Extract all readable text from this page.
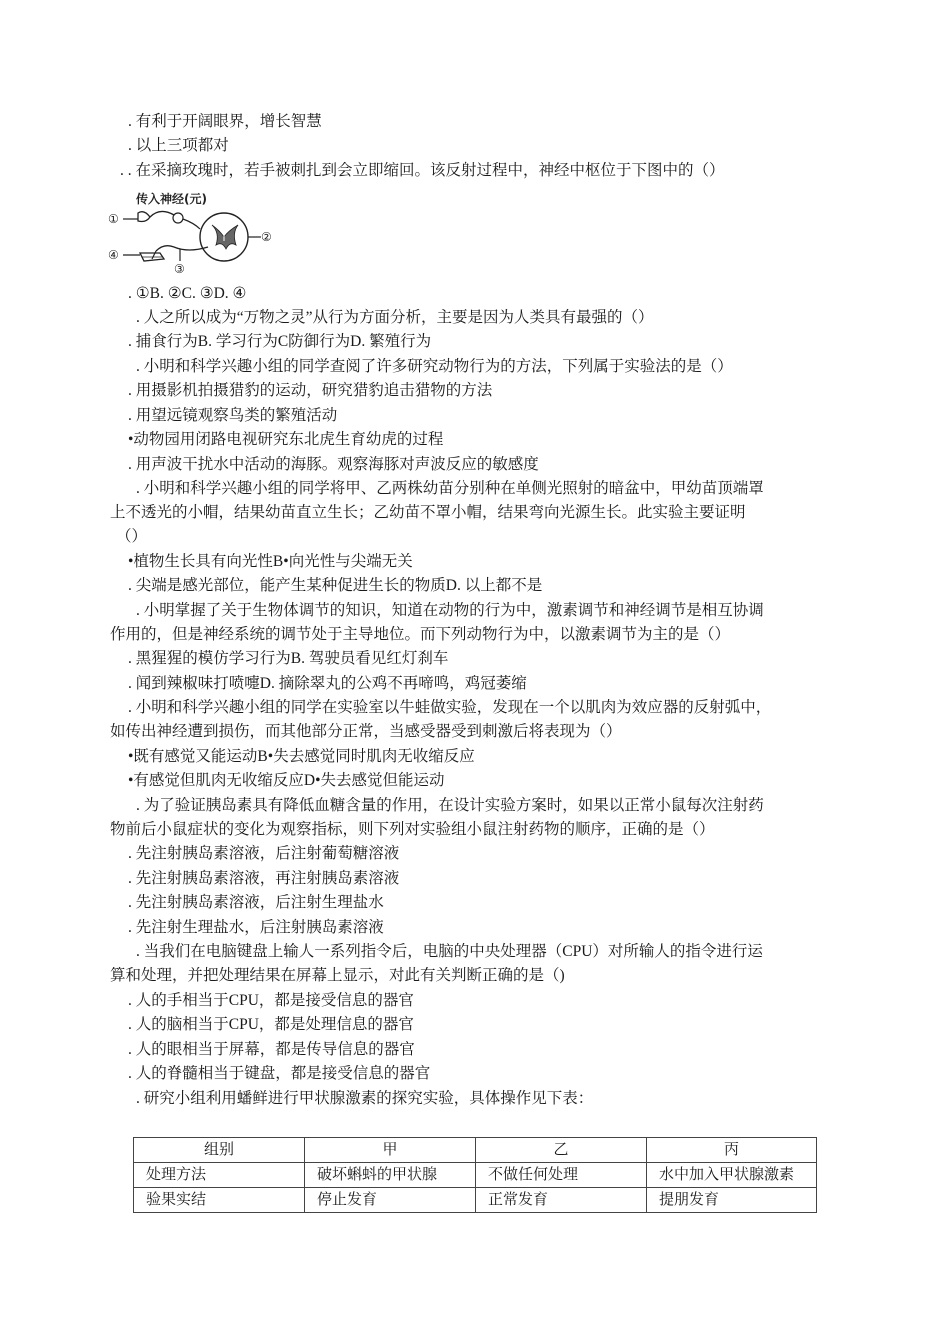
. 有利于开阔眼界，增长智慧
. 以上三项都对
. . 在采摘玫瑰时，若手被刺扎到会立即缩回。该反射过程中，神经中枢位于下图中的（）
传入神经(元)
①
②
④
③
. ①B. ②C. ③D. ④
. 人之所以成为“万物之灵”从行为方面分析，主要是因为人类具有最强的（）
. 捕食行为B. 学习行为C防御行为D. 繁殖行为
. 小明和科学兴趣小组的同学查阅了许多研究动物行为的方法，下列属于实验法的是（）
. 用摄影机拍摄猎豹的运动，研究猎豹追击猎物的方法
. 用望远镜观察鸟类的繁殖活动
•动物园用闭路电视研究东北虎生育幼虎的过程
. 用声波干扰水中活动的海豚。观察海豚对声波反应的敏感度
. 小明和科学兴趣小组的同学将甲、乙两株幼苗分别种在单侧光照射的暗盆中，甲幼苗顶端罩
上不透光的小帽，结果幼苗直立生长；乙幼苗不罩小帽，结果弯向光源生长。此实验主要证明
（）
•植物生长具有向光性B•向光性与尖端无关
. 尖端是感光部位，能产生某种促进生长的物质D. 以上都不是
. 小明掌握了关于生物体调节的知识，知道在动物的行为中，激素调节和神经调节是相互协调
作用的，但是神经系统的调节处于主导地位。而下列动物行为中，以激素调节为主的是（）
. 黑猩猩的模仿学习行为B. 驾驶员看见红灯刹车
. 闻到辣椒味打喷嚏D. 摘除翠丸的公鸡不再啼鸣，鸡冠萎缩
. 小明和科学兴趣小组的同学在实验室以牛蛙做实验，发现在一个以肌肉为效应器的反射弧中，
如传出神经遭到损伤，而其他部分正常，当感受器受到刺激后将表现为（）
•既有感觉又能运动B•失去感觉同时肌肉无收缩反应
•有感觉但肌肉无收缩反应D•失去感觉但能运动
. 为了验证胰岛素具有降低血糖含量的作用，在设计实验方案时，如果以正常小鼠每次注射药
物前后小鼠症状的变化为观察指标，则下列对实验组小鼠注射药物的顺序，正确的是（）
. 先注射胰岛素溶液，后注射葡萄糖溶液
. 先注射胰岛素溶液，再注射胰岛素溶液
. 先注射胰岛素溶液，后注射生理盐水
. 先注射生理盐水，后注射胰岛素溶液
. 当我们在电脑键盘上输人一系列指令后，电脑的中央处理器（CPU）对所输人的指令进行运
算和处理，并把处理结果在屏幕上显示，对此有关判断正确的是（)
. 人的手相当于CPU，都是接受信息的器官
. 人的脑相当于CPU，都是处理信息的器官
. 人的眼相当于屏幕，都是传导信息的器官
. 人的脊髓相当于键盘，都是接受信息的器官
. 研究小组利用蟠鲜进行甲状腺激素的探究实验，具体操作见下表：
组别	甲	乙	丙
处理方法	破坏蝌蚪的甲状腺	不做任何处理	水中加入甲状腺激素
验果实结	停止发育	正常发育	提朋发育
